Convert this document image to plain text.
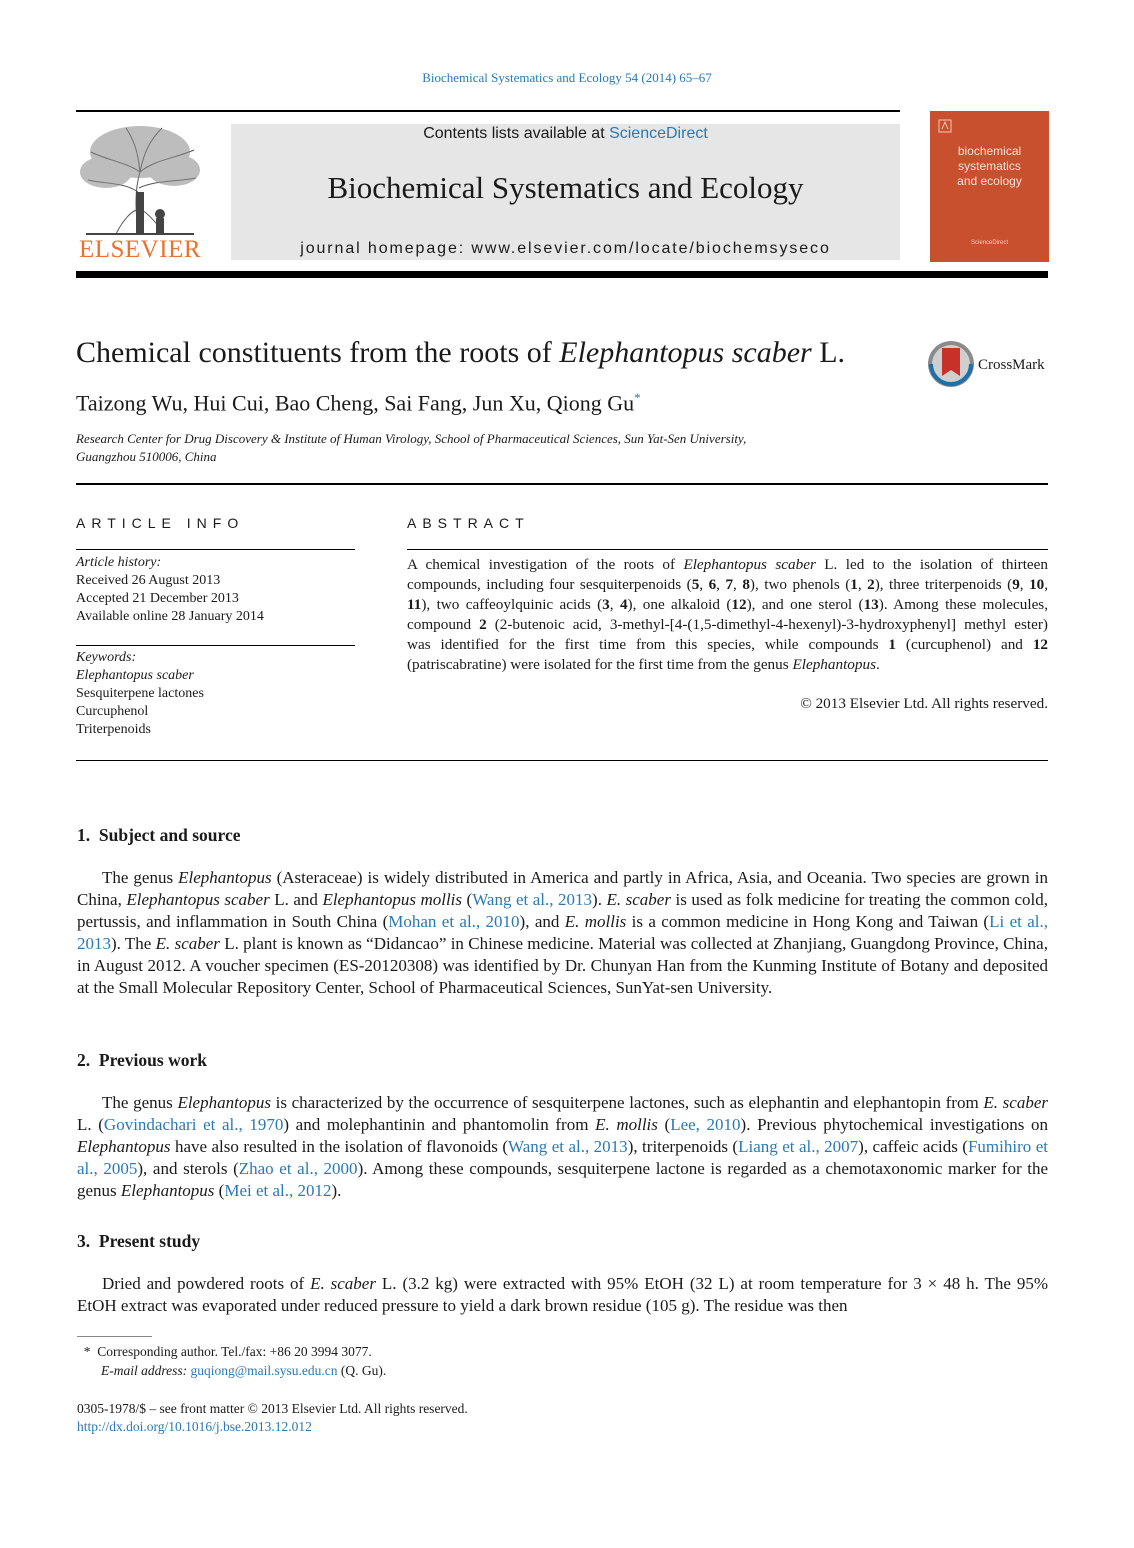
Biochemical Systematics and Ecology 54 (2014) 65–67
ELSEVIER
Contents lists available at ScienceDirect
Biochemical Systematics and Ecology
journal homepage: www.elsevier.com/locate/biochemsyseco
biochemical
systematics
and ecology
ScienceDirect
Chemical constituents from the roots of Elephantopus scaber L.	CrossMark
Taizong Wu, Hui Cui, Bao Cheng, Sai Fang, Jun Xu, Qiong Gu*
Research Center for Drug Discovery & Institute of Human Virology, School of Pharmaceutical Sciences, Sun Yat-Sen University,
Guangzhou 510006, China
ARTICLE INFO	ABSTRACT
Article history:
Received 26 August 2013
Accepted 21 December 2013
Available online 28 January 2014
Keywords:
Elephantopus scaber
Sesquiterpene lactones
Curcuphenol
Triterpenoids
A chemical investigation of the roots of Elephantopus scaber L. led to the isolation of thirteen compounds, including four sesquiterpenoids (5, 6, 7, 8), two phenols (1, 2), three triterpenoids (9, 10, 11), two caffeoylquinic acids (3, 4), one alkaloid (12), and one sterol (13). Among these molecules, compound 2 (2-butenoic acid, 3-methyl-[4-(1,5-dimethyl-4-hexenyl)-3-hydroxyphenyl] methyl ester) was identified for the first time from this species, while compounds 1 (curcuphenol) and 12 (patriscabratine) were isolated for the first time from the genus Elephantopus.
© 2013 Elsevier Ltd. All rights reserved.
1. Subject and source
The genus Elephantopus (Asteraceae) is widely distributed in America and partly in Africa, Asia, and Oceania. Two species are grown in China, Elephantopus scaber L. and Elephantopus mollis (Wang et al., 2013). E. scaber is used as folk medicine for treating the common cold, pertussis, and inflammation in South China (Mohan et al., 2010), and E. mollis is a common medicine in Hong Kong and Taiwan (Li et al., 2013). The E. scaber L. plant is known as “Didancao” in Chinese medicine. Material was collected at Zhanjiang, Guangdong Province, China, in August 2012. A voucher specimen (ES-20120308) was identified by Dr. Chunyan Han from the Kunming Institute of Botany and deposited at the Small Molecular Repository Center, School of Pharmaceutical Sciences, SunYat-sen University.
2. Previous work
The genus Elephantopus is characterized by the occurrence of sesquiterpene lactones, such as elephantin and elephantopin from E. scaber L. (Govindachari et al., 1970) and molephantinin and phantomolin from E. mollis (Lee, 2010). Previous phytochemical investigations on Elephantopus have also resulted in the isolation of flavonoids (Wang et al., 2013), triterpenoids (Liang et al., 2007), caffeic acids (Fumihiro et al., 2005), and sterols (Zhao et al., 2000). Among these compounds, sesquiterpene lactone is regarded as a chemotaxonomic marker for the genus Elephantopus (Mei et al., 2012).
3. Present study
Dried and powdered roots of E. scaber L. (3.2 kg) were extracted with 95% EtOH (32 L) at room temperature for 3 × 48 h. The 95% EtOH extract was evaporated under reduced pressure to yield a dark brown residue (105 g). The residue was then
* Corresponding author. Tel./fax: +86 20 3994 3077.
E-mail address: guqiong@mail.sysu.edu.cn (Q. Gu).
0305-1978/$ – see front matter © 2013 Elsevier Ltd. All rights reserved.
http://dx.doi.org/10.1016/j.bse.2013.12.012
